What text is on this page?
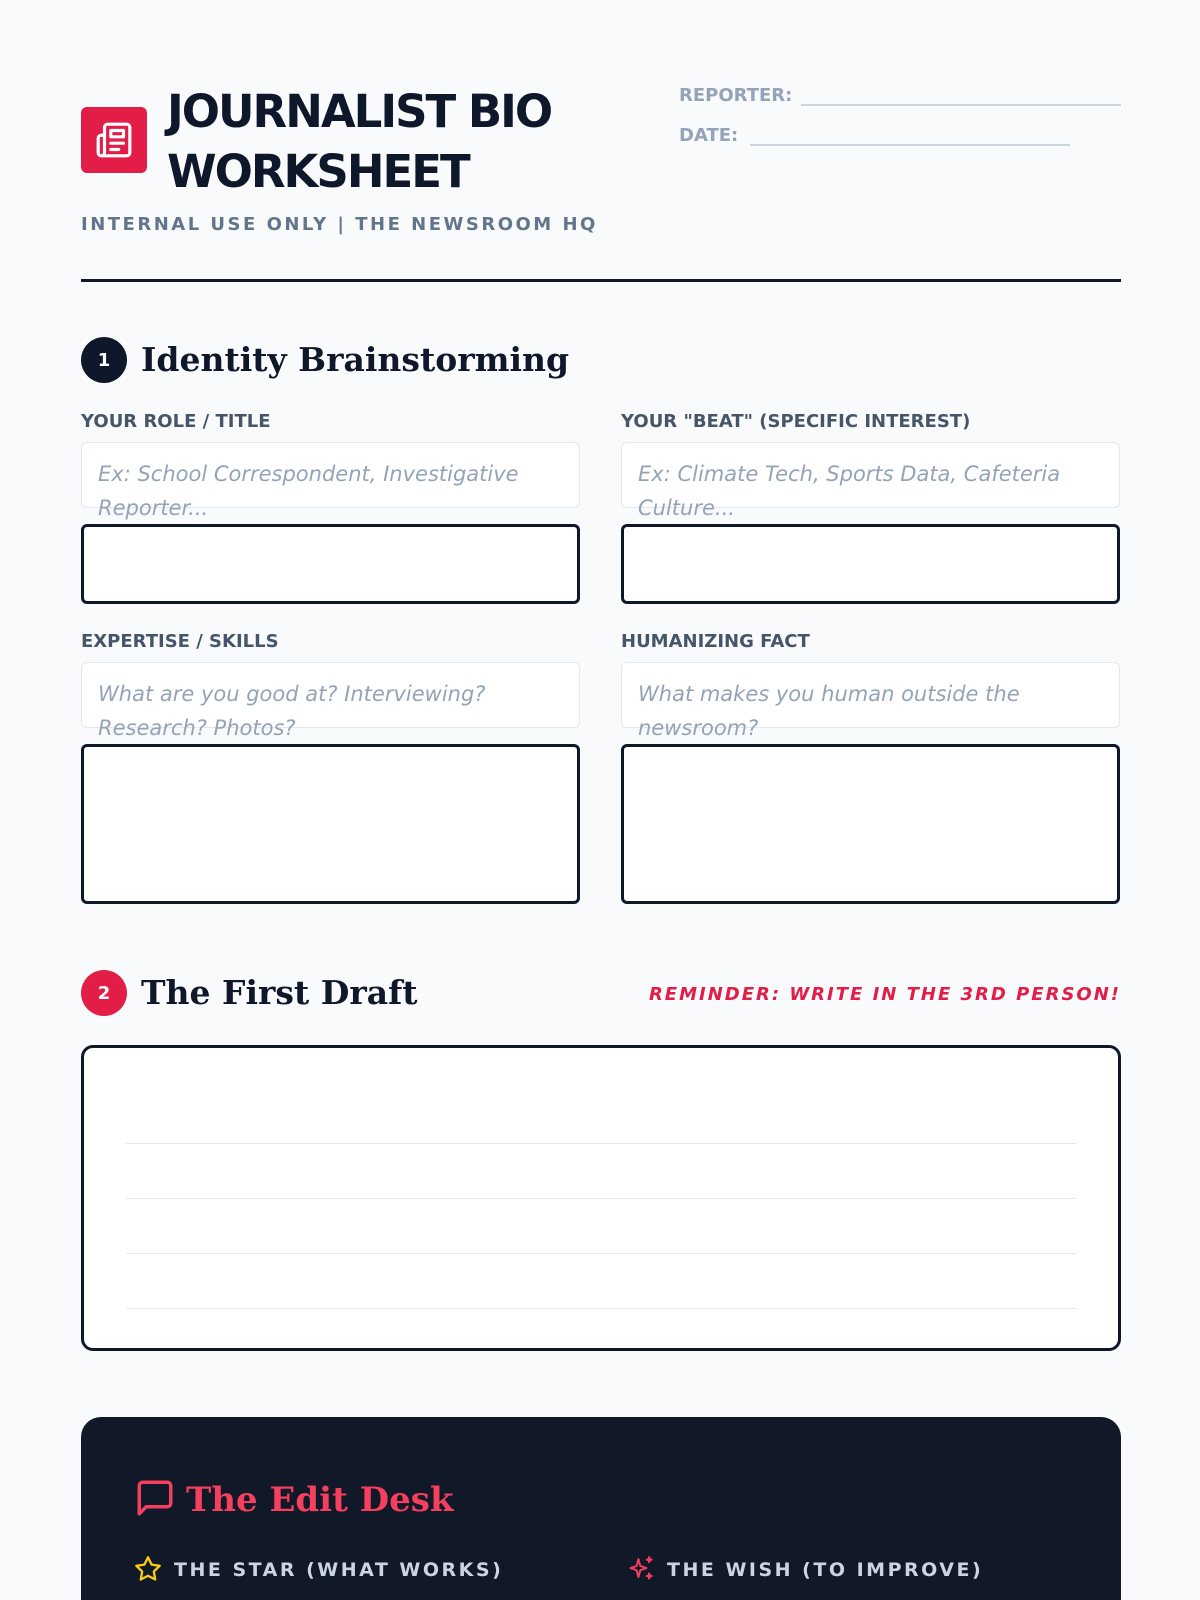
JOURNALIST BIO WORKSHEET
INTERNAL USE ONLY | THE NEWSROOM HQ
REPORTER:
DATE:
1 Identity Brainstorming
YOUR ROLE / TITLE
Ex: School Correspondent, Investigative Reporter...
YOUR "BEAT" (SPECIFIC INTEREST)
Ex: Climate Tech, Sports Data, Cafeteria Culture...
EXPERTISE / SKILLS
What are you good at? Interviewing? Research? Photos?
HUMANIZING FACT
What makes you human outside the newsroom?
2 The First Draft	REMINDER: WRITE IN THE 3RD PERSON!
The Edit Desk
THE STAR (WHAT WORKS)	THE WISH (TO IMPROVE)
